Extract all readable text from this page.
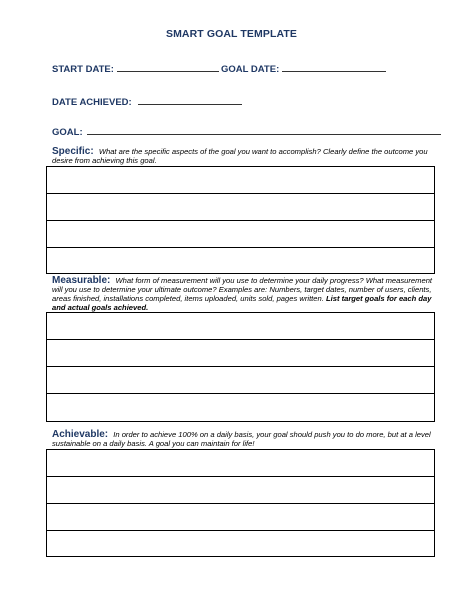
SMART GOAL TEMPLATE
START DATE:	GOAL DATE:
DATE ACHIEVED:
GOAL:
Specific: What are the specific aspects of the goal you want to accomplish? Clearly define the outcome you desire from achieving this goal.
Measurable: What form of measurement will you use to determine your daily progress? What measurement will you use to determine your ultimate outcome? Examples are: Numbers, target dates, number of users, clients, areas finished, installations completed, items uploaded, units sold, pages written. List target goals for each day and actual goals achieved.
Achievable: In order to achieve 100% on a daily basis, your goal should push you to do more, but at a level sustainable on a daily basis. A goal you can maintain for life!
